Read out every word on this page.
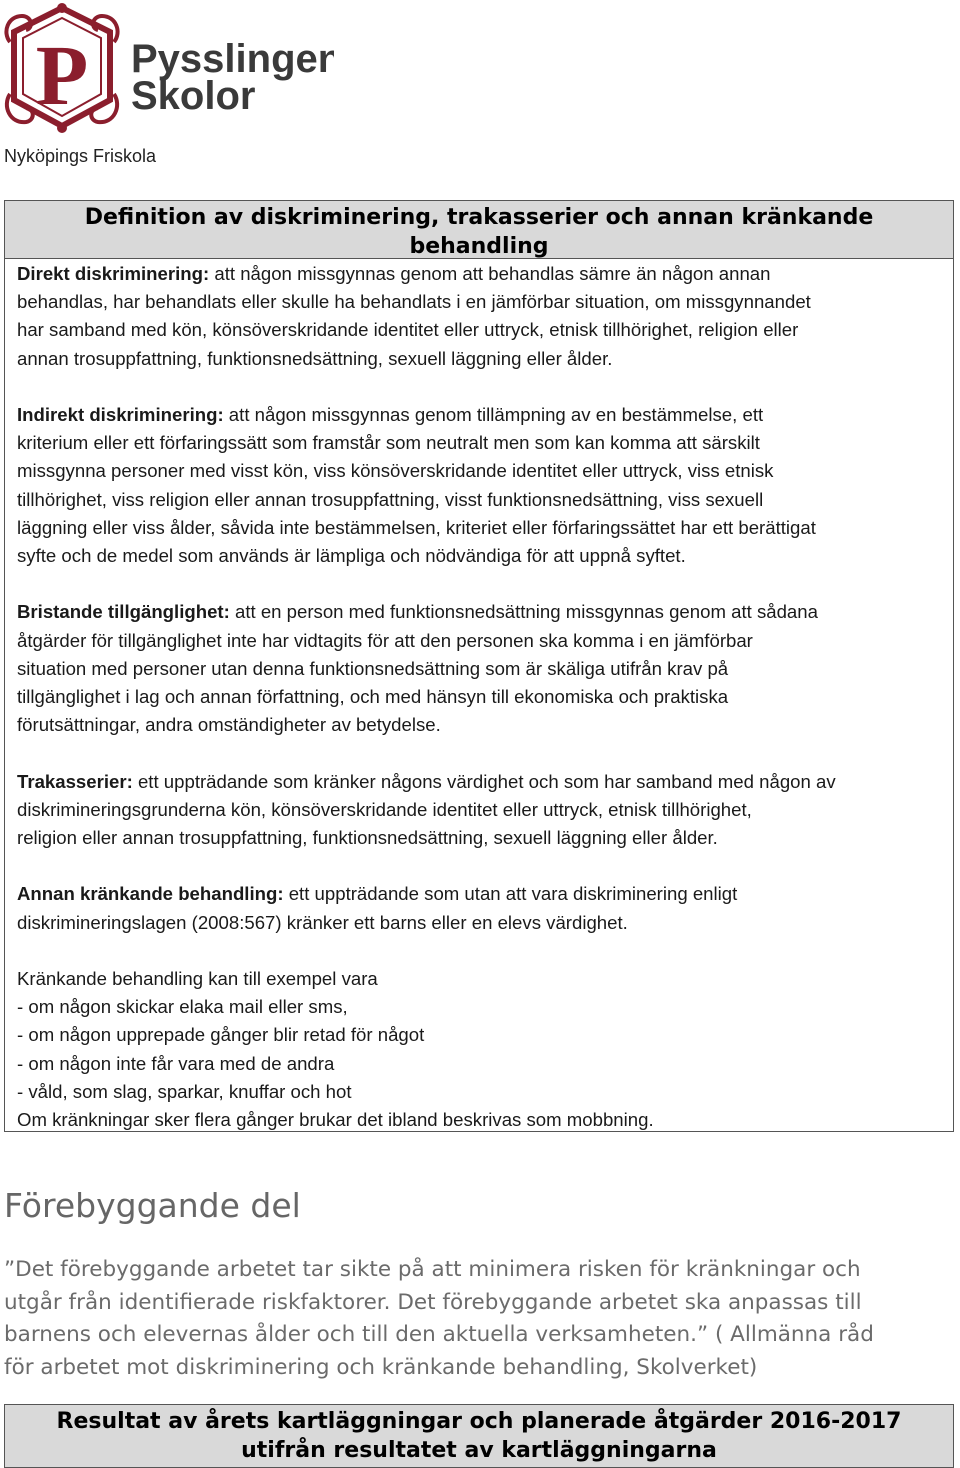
P Pysslingen
Skolor
Nyköpings Friskola
Definition av diskriminering, trakasserier och annan kränkande
behandling
Direkt diskriminering: att någon missgynnas genom att behandlas sämre än någon annan
behandlas, har behandlats eller skulle ha behandlats i en jämförbar situation, om missgynnandet
har samband med kön, könsöverskridande identitet eller uttryck, etnisk tillhörighet, religion eller
annan trosuppfattning, funktionsnedsättning, sexuell läggning eller ålder.
Indirekt diskriminering: att någon missgynnas genom tillämpning av en bestämmelse, ett
kriterium eller ett förfaringssätt som framstår som neutralt men som kan komma att särskilt
missgynna personer med visst kön, viss könsöverskridande identitet eller uttryck, viss etnisk
tillhörighet, viss religion eller annan trosuppfattning, visst funktionsnedsättning, viss sexuell
läggning eller viss ålder, såvida inte bestämmelsen, kriteriet eller förfaringssättet har ett berättigat
syfte och de medel som används är lämpliga och nödvändiga för att uppnå syftet.
Bristande tillgänglighet: att en person med funktionsnedsättning missgynnas genom att sådana
åtgärder för tillgänglighet inte har vidtagits för att den personen ska komma i en jämförbar
situation med personer utan denna funktionsnedsättning som är skäliga utifrån krav på
tillgänglighet i lag och annan författning, och med hänsyn till ekonomiska och praktiska
förutsättningar, andra omständigheter av betydelse.
Trakasserier: ett uppträdande som kränker någons värdighet och som har samband med någon av
diskrimineringsgrunderna kön, könsöverskridande identitet eller uttryck, etnisk tillhörighet,
religion eller annan trosuppfattning, funktionsnedsättning, sexuell läggning eller ålder.
Annan kränkande behandling: ett uppträdande som utan att vara diskriminering enligt
diskrimineringslagen (2008:567) kränker ett barns eller en elevs värdighet.
Kränkande behandling kan till exempel vara
- om någon skickar elaka mail eller sms,
- om någon upprepade gånger blir retad för något
- om någon inte får vara med de andra
- våld, som slag, sparkar, knuffar och hot
Om kränkningar sker flera gånger brukar det ibland beskrivas som mobbning.
Förebyggande del
”Det förebyggande arbetet tar sikte på att minimera risken för kränkningar och
utgår från identifierade riskfaktorer. Det förebyggande arbetet ska anpassas till
barnens och elevernas ålder och till den aktuella verksamheten.” ( Allmänna råd
för arbetet mot diskriminering och kränkande behandling, Skolverket)
Resultat av årets kartläggningar och planerade åtgärder 2016-2017
utifrån resultatet av kartläggningarna
